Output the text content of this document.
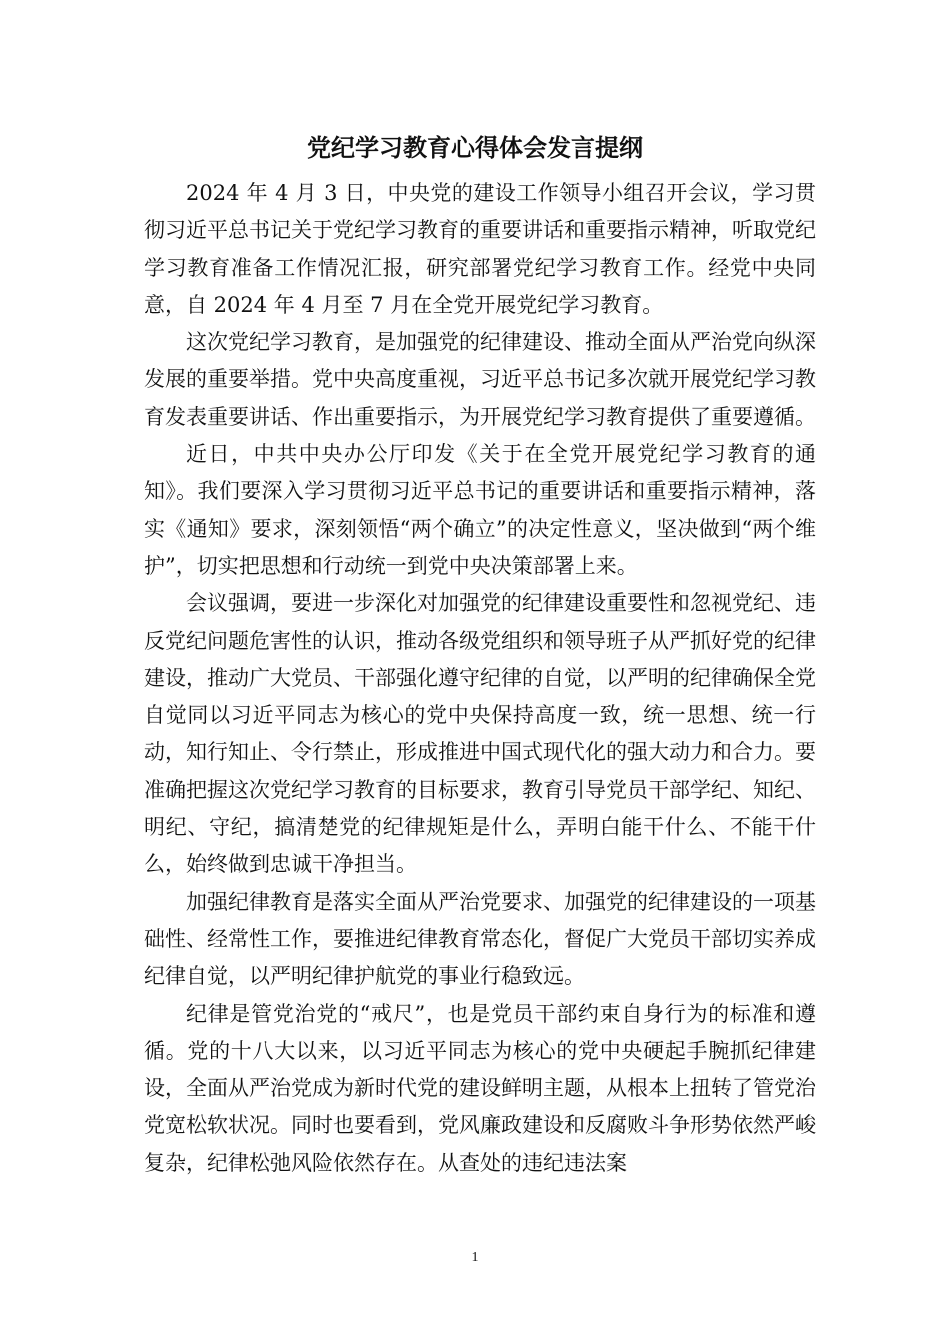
党纪学习教育心得体会发言提纲

2024 年 4 月 3 日，中央党的建设工作领导小组召开会议，学习贯彻习近平总书记关于党纪学习教育的重要讲话和重要指示精神，听取党纪学习教育准备工作情况汇报，研究部署党纪学习教育工作。经党中央同意，自 2024 年 4 月至 7 月在全党开展党纪学习教育。

这次党纪学习教育，是加强党的纪律建设、推动全面从严治党向纵深发展的重要举措。党中央高度重视，习近平总书记多次就开展党纪学习教育发表重要讲话、作出重要指示，为开展党纪学习教育提供了重要遵循。

近日，中共中央办公厅印发《关于在全党开展党纪学习教育的通知》。我们要深入学习贯彻习近平总书记的重要讲话和重要指示精神，落实《通知》要求，深刻领悟“两个确立”的决定性意义，坚决做到“两个维护”，切实把思想和行动统一到党中央决策部署上来。

会议强调，要进一步深化对加强党的纪律建设重要性和忽视党纪、违反党纪问题危害性的认识，推动各级党组织和领导班子从严抓好党的纪律建设，推动广大党员、干部强化遵守纪律的自觉，以严明的纪律确保全党自觉同以习近平同志为核心的党中央保持高度一致，统一思想、统一行动，知行知止、令行禁止，形成推进中国式现代化的强大动力和合力。要准确把握这次党纪学习教育的目标要求，教育引导党员干部学纪、知纪、明纪、守纪，搞清楚党的纪律规矩是什么，弄明白能干什么、不能干什么，始终做到忠诚干净担当。

加强纪律教育是落实全面从严治党要求、加强党的纪律建设的一项基础性、经常性工作，要推进纪律教育常态化，督促广大党员干部切实养成纪律自觉，以严明纪律护航党的事业行稳致远。

纪律是管党治党的“戒尺”，也是党员干部约束自身行为的标准和遵循。党的十八大以来，以习近平同志为核心的党中央硬起手腕抓纪律建设，全面从严治党成为新时代党的建设鲜明主题，从根本上扭转了管党治党宽松软状况。同时也要看到，党风廉政建设和反腐败斗争形势依然严峻复杂，纪律松弛风险依然存在。从查处的违纪违法案

1
